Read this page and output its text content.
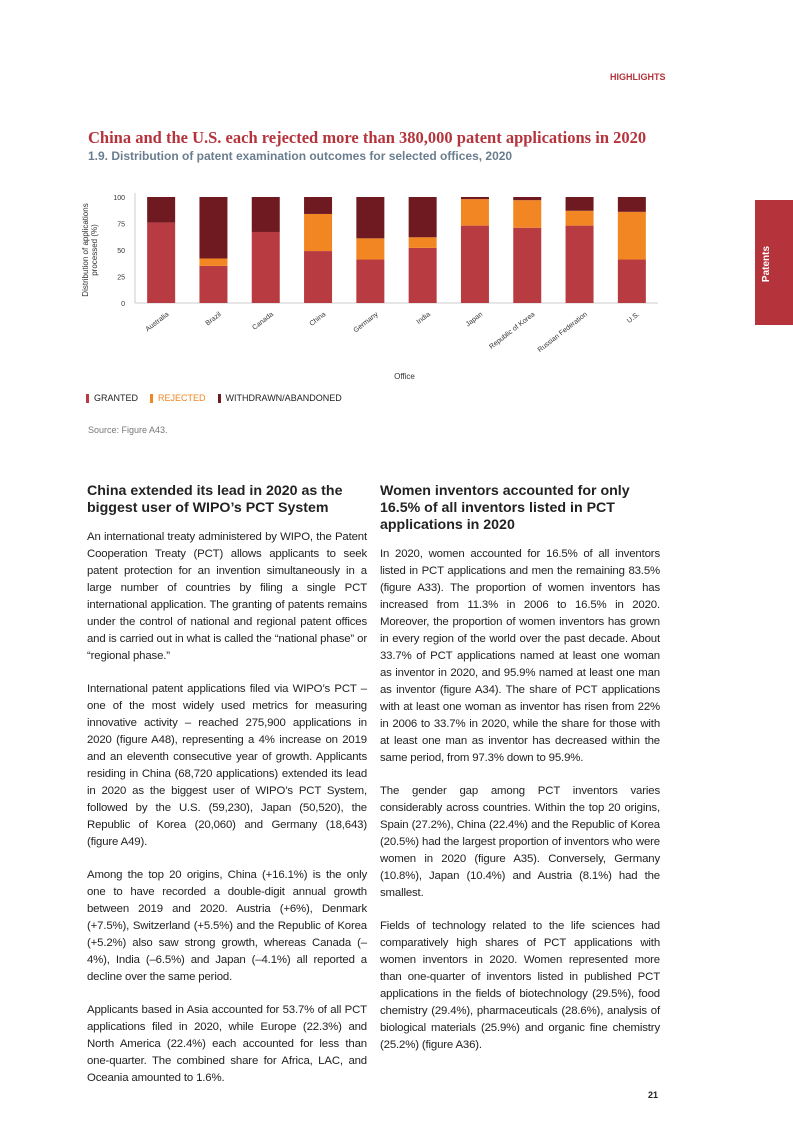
HIGHLIGHTS
Patents
China and the U.S. each rejected more than 380,000 patent applications in 2020
1.9. Distribution of patent examination outcomes for selected offices, 2020
0
25
50
75
100
Distribution of applicationsprocessed (%)
Australia	Brazil	Canada	China	Germany	India	Japan Republic of Korea Russian Federation	U.S.
Office
GRANTED REJECTED WITHDRAWN/ABANDONED
Source: Figure A43.
China extended its lead in 2020 as the biggest user of WIPO’s PCT System

An international treaty administered by WIPO, the Patent Cooperation Treaty (PCT) allows applicants to seek patent protection for an invention simultaneously in a large number of countries by filing a single PCT international application. The granting of patents remains under the control of national and regional patent offices and is carried out in what is called the “national phase” or “regional phase.”

International patent applications filed via WIPO’s PCT – one of the most widely used metrics for measuring innovative activity – reached 275,900 applications in 2020 (figure A48), representing a 4% increase on 2019 and an eleventh consecutive year of growth. Applicants residing in China (68,720 applications) extended its lead in 2020 as the biggest user of WIPO’s PCT System, followed by the U.S. (59,230), Japan (50,520), the Republic of Korea (20,060) and Germany (18,643) (figure A49).

Among the top 20 origins, China (+16.1%) is the only one to have recorded a double-digit annual growth between 2019 and 2020. Austria (+6%), Denmark (+7.5%), Switzerland (+5.5%) and the Republic of Korea (+5.2%) also saw strong growth, whereas Canada (–4%), India (–6.5%) and Japan (–4.1%) all reported a decline over the same period.

Applicants based in Asia accounted for 53.7% of all PCT applications filed in 2020, while Europe (22.3%) and North America (22.4%) each accounted for less than one-quarter. The combined share for Africa, LAC, and Oceania amounted to 1.6%.

Women inventors accounted for only 16.5% of all inventors listed in PCT applications in 2020

In 2020, women accounted for 16.5% of all inventors listed in PCT applications and men the remaining 83.5% (figure A33). The proportion of women inventors has increased from 11.3% in 2006 to 16.5% in 2020. Moreover, the proportion of women inventors has grown in every region of the world over the past decade. About 33.7% of PCT applications named at least one woman as inventor in 2020, and 95.9% named at least one man as inventor (figure A34). The share of PCT applications with at least one woman as inventor has risen from 22% in 2006 to 33.7% in 2020, while the share for those with at least one man as inventor has decreased within the same period, from 97.3% down to 95.9%.

The gender gap among PCT inventors varies considerably across countries. Within the top 20 origins, Spain (27.2%), China (22.4%) and the Republic of Korea (20.5%) had the largest proportion of inventors who were women in 2020 (figure A35). Conversely, Germany (10.8%), Japan (10.4%) and Austria (8.1%) had the smallest.

Fields of technology related to the life sciences had comparatively high shares of PCT applications with women inventors in 2020. Women represented more than one-quarter of inventors listed in published PCT applications in the fields of biotechnology (29.5%), food chemistry (29.4%), pharmaceuticals (28.6%), analysis of biological materials (25.9%) and organic fine chemistry (25.2%) (figure A36).

21
